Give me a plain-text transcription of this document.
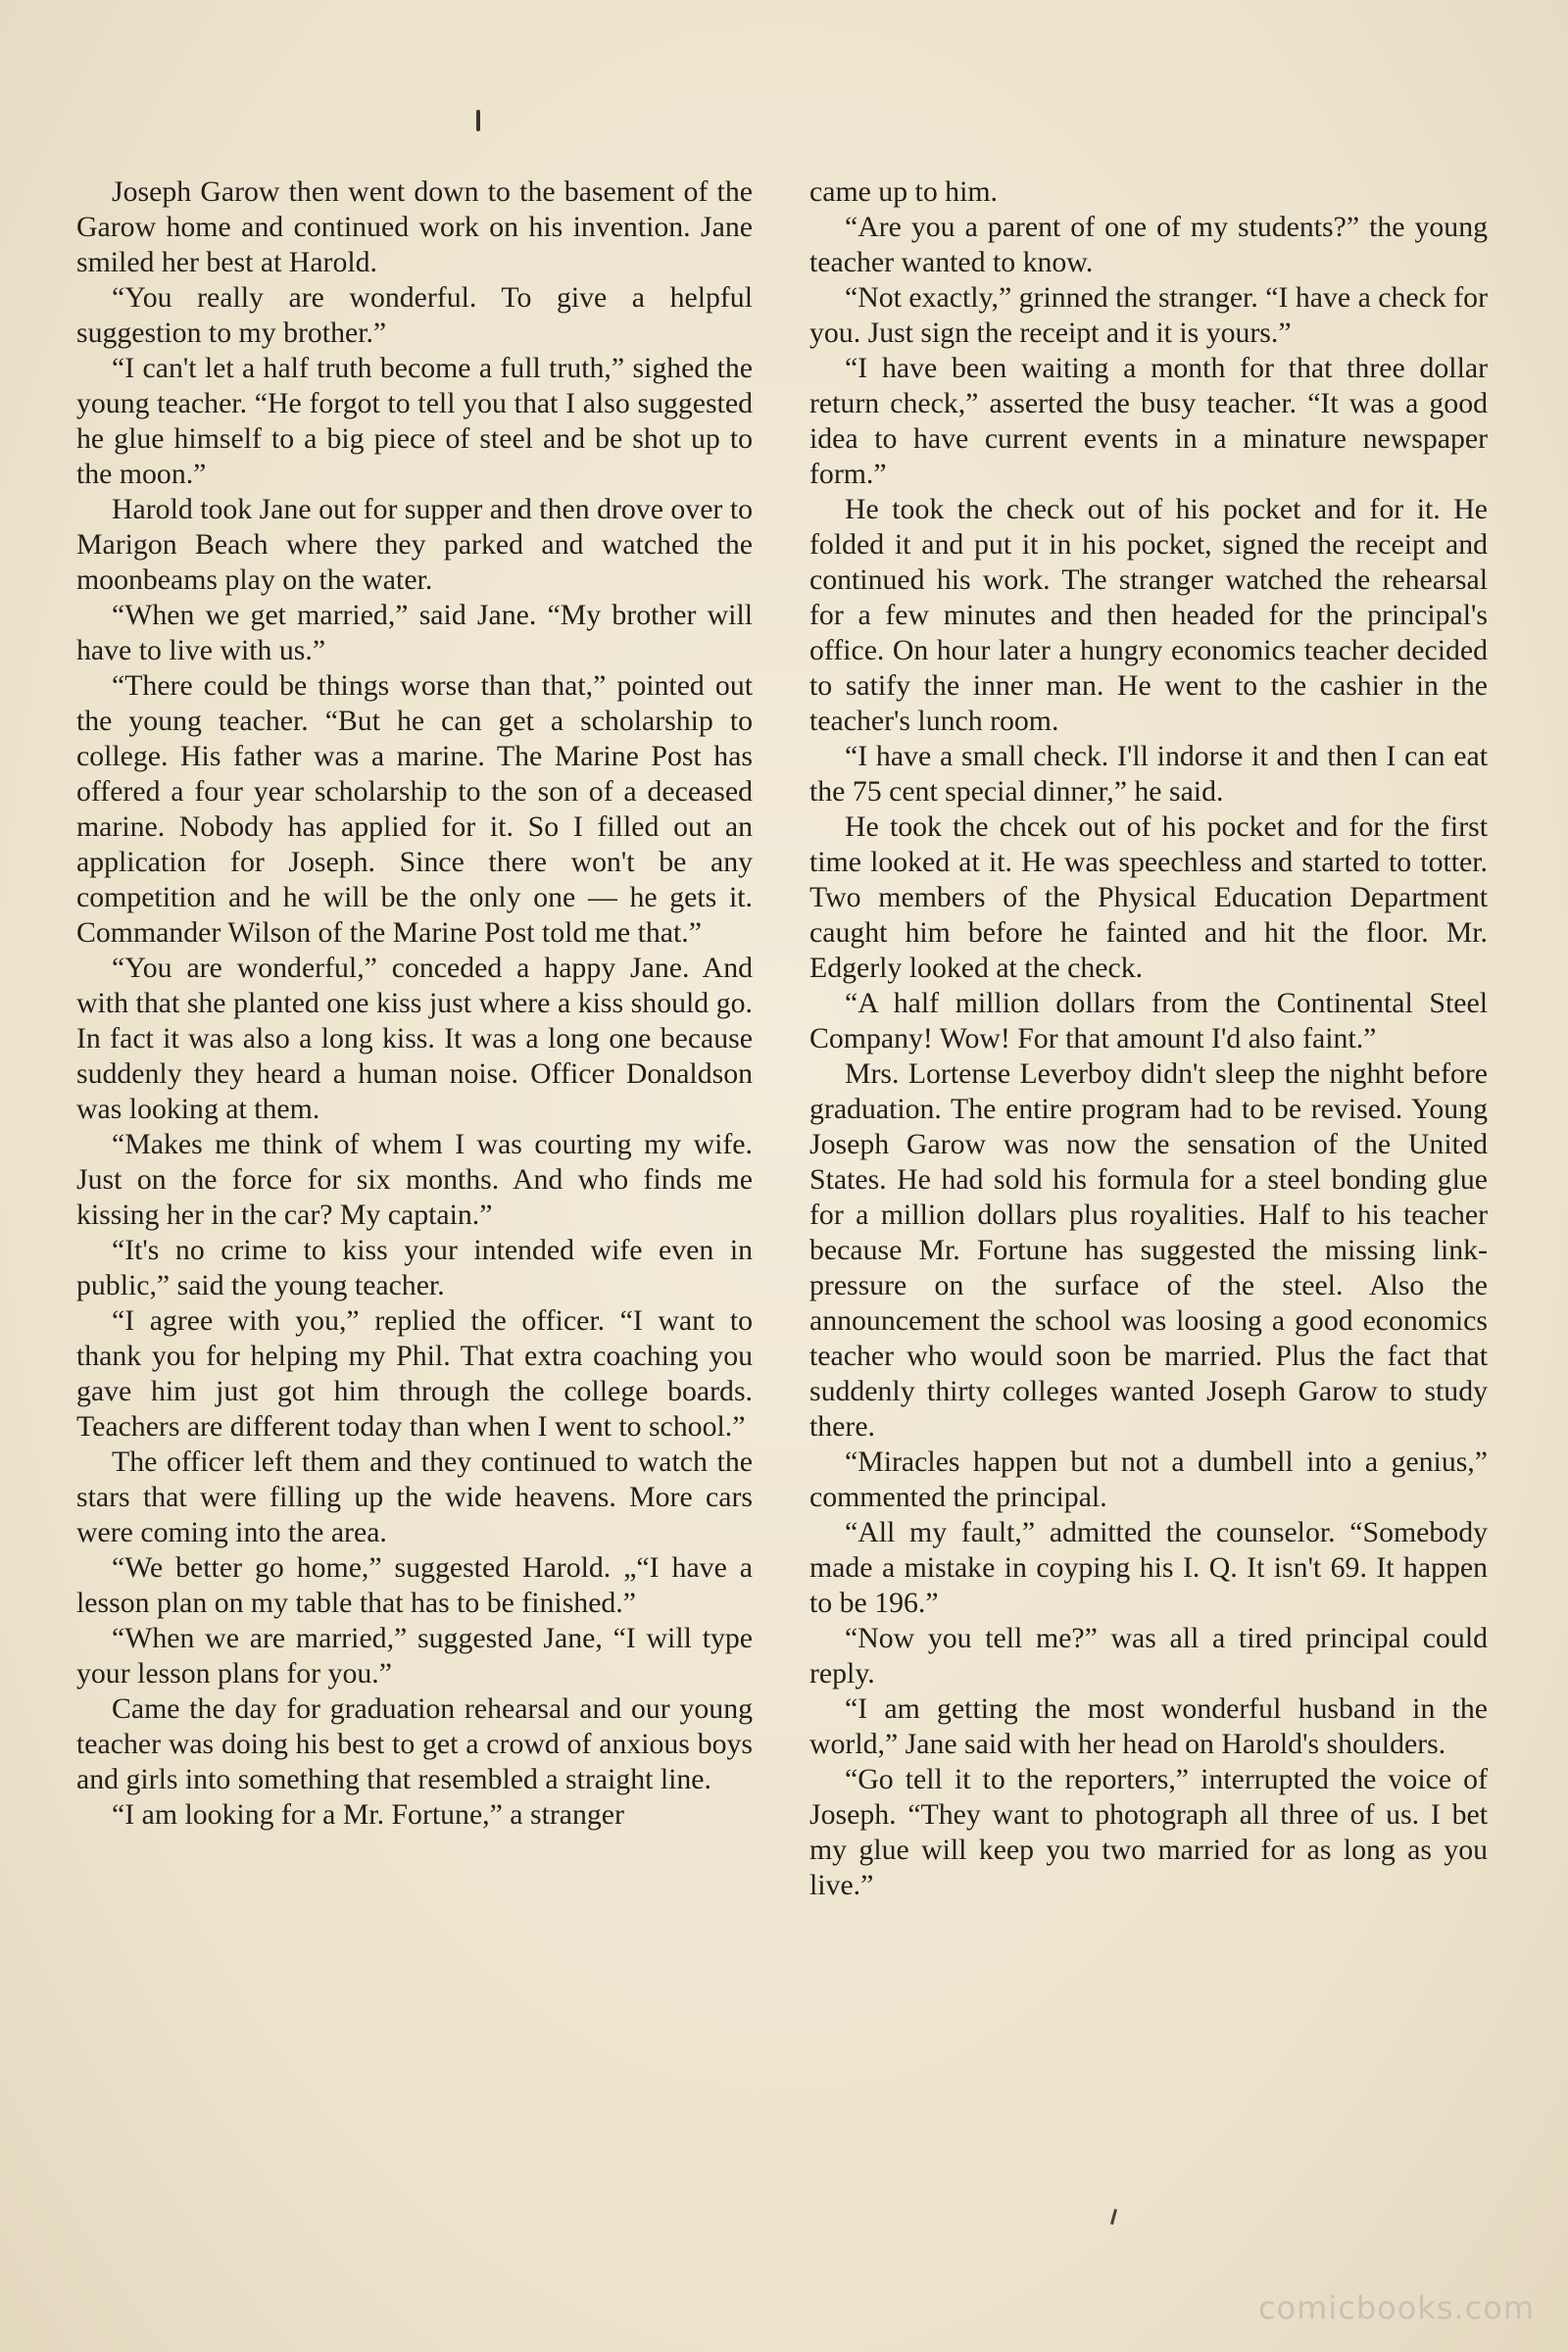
Joseph Garow then went down to the basement of the Garow home and continued work on his invention. Jane smiled her best at Harold.

“You really are wonderful. To give a helpful suggestion to my brother.”

“I can't let a half truth become a full truth,” sighed the young teacher. “He forgot to tell you that I also suggested he glue himself to a big piece of steel and be shot up to the moon.”

Harold took Jane out for supper and then drove over to Marigon Beach where they parked and watched the moonbeams play on the water.

“When we get married,” said Jane. “My brother will have to live with us.”

“There could be things worse than that,” pointed out the young teacher. “But he can get a scholarship to college. His father was a marine. The Marine Post has offered a four year scholarship to the son of a deceased marine. Nobody has applied for it. So I filled out an application for Joseph. Since there won't be any competition and he will be the only one — he gets it. Commander Wilson of the Marine Post told me that.”

“You are wonderful,” conceded a happy Jane. And with that she planted one kiss just where a kiss should go. In fact it was also a long kiss. It was a long one because suddenly they heard a human noise. Officer Donaldson was looking at them.

“Makes me think of whem I was courting my wife. Just on the force for six months. And who finds me kissing her in the car? My captain.”

“It's no crime to kiss your intended wife even in public,” said the young teacher.

“I agree with you,” replied the officer. “I want to thank you for helping my Phil. That extra coaching you gave him just got him through the college boards. Teachers are different today than when I went to school.”

The officer left them and they continued to watch the stars that were filling up the wide heavens. More cars were coming into the area.

“We better go home,” suggested Harold. „“I have a lesson plan on my table that has to be finished.”

“When we are married,” suggested Jane, “I will type your lesson plans for you.”

Came the day for graduation rehearsal and our young teacher was doing his best to get a crowd of anxious boys and girls into something that resembled a straight line.

“I am looking for a Mr. Fortune,” a stranger

came up to him.

“Are you a parent of one of my students?” the young teacher wanted to know.

“Not exactly,” grinned the stranger. “I have a check for you. Just sign the receipt and it is yours.”

“I have been waiting a month for that three dollar return check,” asserted the busy teacher. “It was a good idea to have current events in a minature newspaper form.”

He took the check out of his pocket and for it. He folded it and put it in his pocket, signed the receipt and continued his work. The stranger watched the rehearsal for a few minutes and then headed for the principal's office. On hour later a hungry economics teacher decided to satify the inner man. He went to the cashier in the teacher's lunch room.

“I have a small check. I'll indorse it and then I can eat the 75 cent special dinner,” he said.

He took the chcek out of his pocket and for the first time looked at it. He was speechless and started to totter. Two members of the Physical Education Department caught him before he fainted and hit the floor. Mr. Edgerly looked at the check.

“A half million dollars from the Continental Steel Company! Wow! For that amount I'd also faint.”

Mrs. Lortense Leverboy didn't sleep the nighht before graduation. The entire program had to be revised. Young Joseph Garow was now the sensation of the United States. He had sold his formula for a steel bonding glue for a million dollars plus royalities. Half to his teacher because Mr. Fortune has suggested the missing link-pressure on the surface of the steel. Also the announcement the school was loosing a good economics teacher who would soon be married. Plus the fact that suddenly thirty colleges wanted Joseph Garow to study there.

“Miracles happen but not a dumbell into a genius,” commented the principal.

“All my fault,” admitted the counselor. “Somebody made a mistake in coyping his I. Q. It isn't 69. It happen to be 196.”

“Now you tell me?” was all a tired principal could reply.

“I am getting the most wonderful husband in the world,” Jane said with her head on Harold's shoulders.

“Go tell it to the reporters,” interrupted the voice of Joseph. “They want to photograph all three of us. I bet my glue will keep you two married for as long as you live.”

comicbooks.com
